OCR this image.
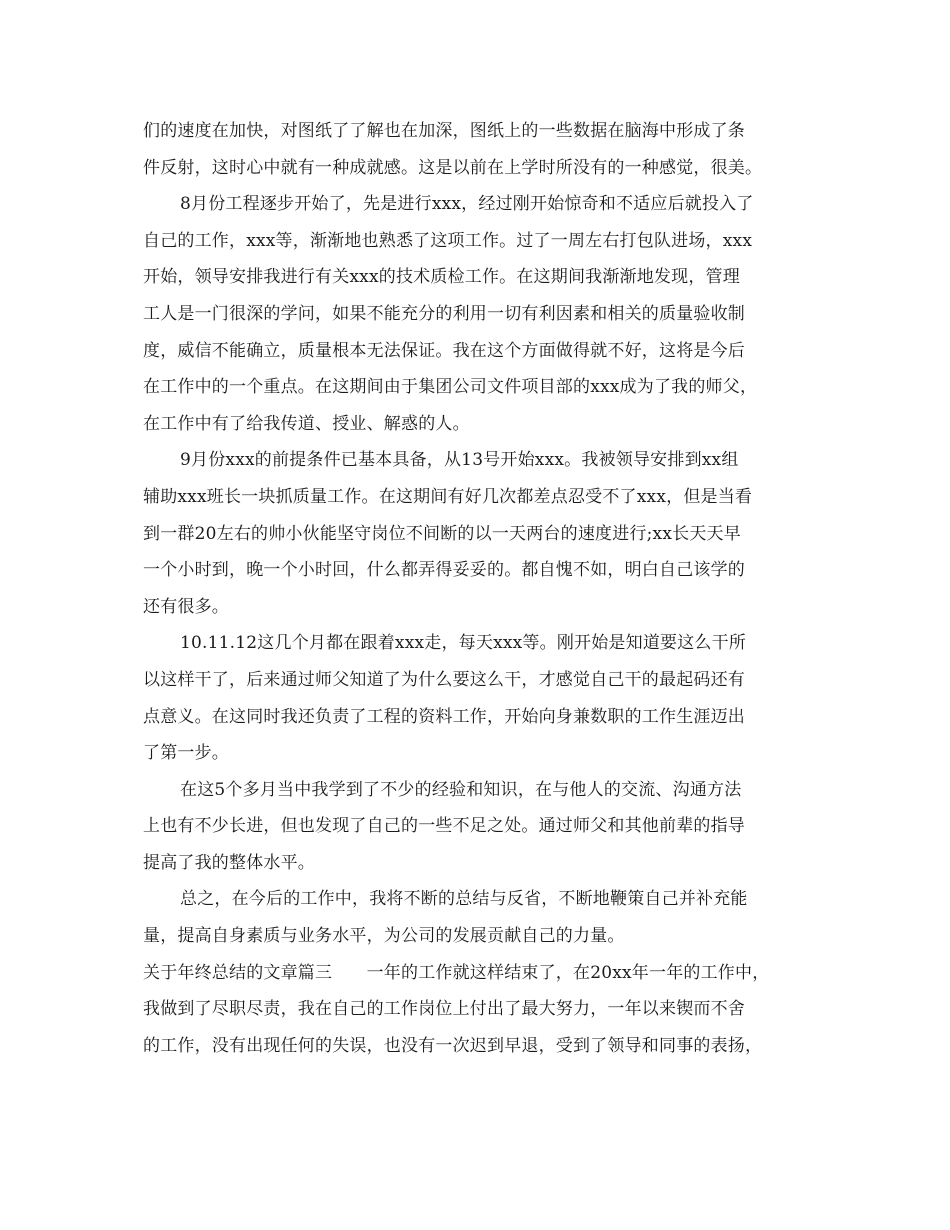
们的速度在加快，对图纸了了解也在加深，图纸上的一些数据在脑海中形成了条
件反射，这时心中就有一种成就感。这是以前在上学时所没有的一种感觉，很美。
8月份工程逐步开始了，先是进行xxx，经过刚开始惊奇和不适应后就投入了
自己的工作，xxx等，渐渐地也熟悉了这项工作。过了一周左右打包队进场，xxx
开始，领导安排我进行有关xxx的技术质检工作。在这期间我渐渐地发现，管理
工人是一门很深的学问，如果不能充分的利用一切有利因素和相关的质量验收制
度，威信不能确立，质量根本无法保证。我在这个方面做得就不好，这将是今后
在工作中的一个重点。在这期间由于集团公司文件项目部的xxx成为了我的师父，
在工作中有了给我传道、授业、解惑的人。
9月份xxx的前提条件已基本具备，从13号开始xxx。我被领导安排到xx组
辅助xxx班长一块抓质量工作。在这期间有好几次都差点忍受不了xxx，但是当看
到一群20左右的帅小伙能坚守岗位不间断的以一天两台的速度进行;xx长天天早
一个小时到，晚一个小时回，什么都弄得妥妥的。都自愧不如，明白自己该学的
还有很多。
10.11.12这几个月都在跟着xxx走，每天xxx等。刚开始是知道要这么干所
以这样干了，后来通过师父知道了为什么要这么干，才感觉自己干的最起码还有
点意义。在这同时我还负责了工程的资料工作，开始向身兼数职的工作生涯迈出
了第一步。
在这5个多月当中我学到了不少的经验和知识，在与他人的交流、沟通方法
上也有不少长进，但也发现了自己的一些不足之处。通过师父和其他前辈的指导
提高了我的整体水平。
总之，在今后的工作中，我将不断的总结与反省，不断地鞭策自己并补充能
量，提高自身素质与业务水平，为公司的发展贡献自己的力量。
关于年终总结的文章篇三　　一年的工作就这样结束了，在20xx年一年的工作中，
我做到了尽职尽责，我在自己的工作岗位上付出了最大努力，一年以来锲而不舍
的工作，没有出现任何的失误，也没有一次迟到早退，受到了领导和同事的表扬，
